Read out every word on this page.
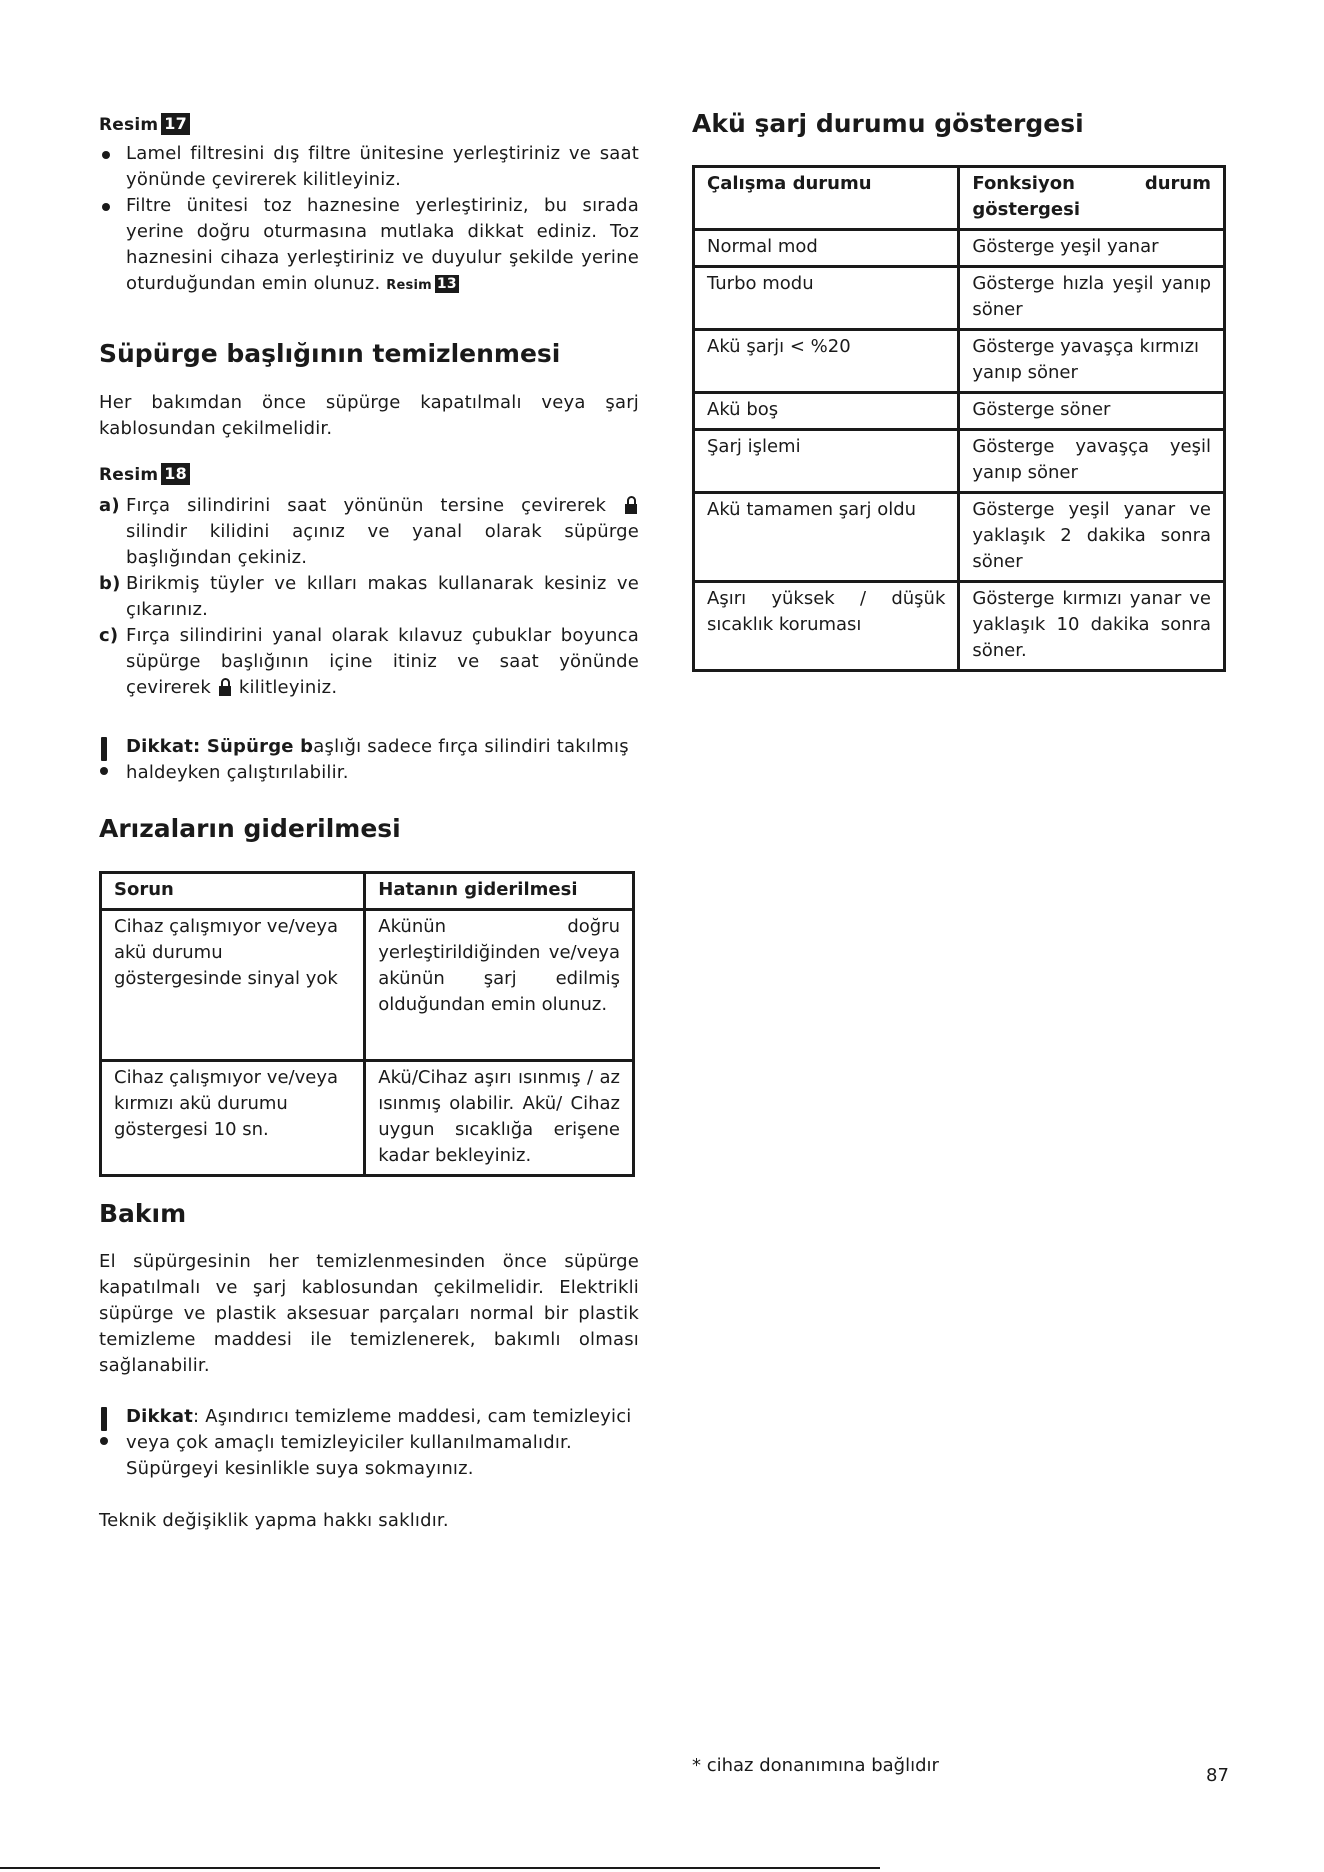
Resim 17

Lamel filtresini dış filtre ünitesine yerleştiriniz ve saat yönünde çevirerek kilitleyiniz.
Filtre ünitesi toz haznesine yerleştiriniz, bu sırada yerine doğru oturmasına mutlaka dikkat ediniz. Toz haznesini cihaza yerleştiriniz ve duyulur şekilde yerine oturduğundan emin olunuz. Resim 13
Süpürge başlığının temizlenmesi

Her bakımdan önce süpürge kapatılmalı veya şarj kablosundan çekilmelidir.

Resim 18

a) Fırça silindirini saat yönünün tersine çevirerek  silindir kilidini açınız ve yanal olarak süpürge başlığından çekiniz.
b) Birikmiş tüyler ve kılları makas kullanarak kesiniz ve çıkarınız.
c) Fırça silindirini yanal olarak kılavuz çubuklar boyunca süpürge başlığının içine itiniz ve saat yönünde çevirerek kilitleyiniz.

Dikkat: Süpürge başlığı sadece fırça silindiri takılmış haldeyken çalıştırılabilir.

Arızaların giderilmesi
Sorun	Hatanın giderilmesi
Cihaz çalışmıyor ve/veya akü durumu göstergesinde sinyal yok	Akünün doğru yerleştirildiğinden ve/veya akünün şarj edilmiş olduğundan emin olunuz.
Cihaz çalışmıyor ve/veya kırmızı akü durumu göstergesi 10 sn.	Akü/Cihaz aşırı ısınmış / az ısınmış olabilir. Akü/ Cihaz uygun sıcaklığa erişene kadar bekleyiniz.
Bakım

El süpürgesinin her temizlenmesinden önce süpürge kapatılmalı ve şarj kablosundan çekilmelidir. Elektrikli süpürge ve plastik aksesuar parçaları normal bir plastik temizleme maddesi ile temizlenerek, bakımlı olması sağlanabilir.

Dikkat: Aşındırıcı temizleme maddesi, cam temizleyici veya çok amaçlı temizleyiciler kullanılmamalıdır. Süpürgeyi kesinlikle suya sokmayınız.

Teknik değişiklik yapma hakkı saklıdır.

Akü şarj durumu göstergesi
Çalışma durumu	Fonksiyon durum göstergesi
Normal mod	Gösterge yeşil yanar
Turbo modu	Gösterge hızla yeşil yanıp söner
Akü şarjı < %20	Gösterge yavaşça kırmızı yanıp söner
Akü boş	Gösterge söner
Şarj işlemi	Gösterge yavaşça yeşil yanıp söner
Akü tamamen şarj oldu	Gösterge yeşil yanar ve yaklaşık 2 dakika sonra söner
Aşırı yüksek / düşük sıcaklık koruması	Gösterge kırmızı yanar ve yaklaşık 10 dakika sonra söner.
* cihaz donanımına bağlıdır	87
